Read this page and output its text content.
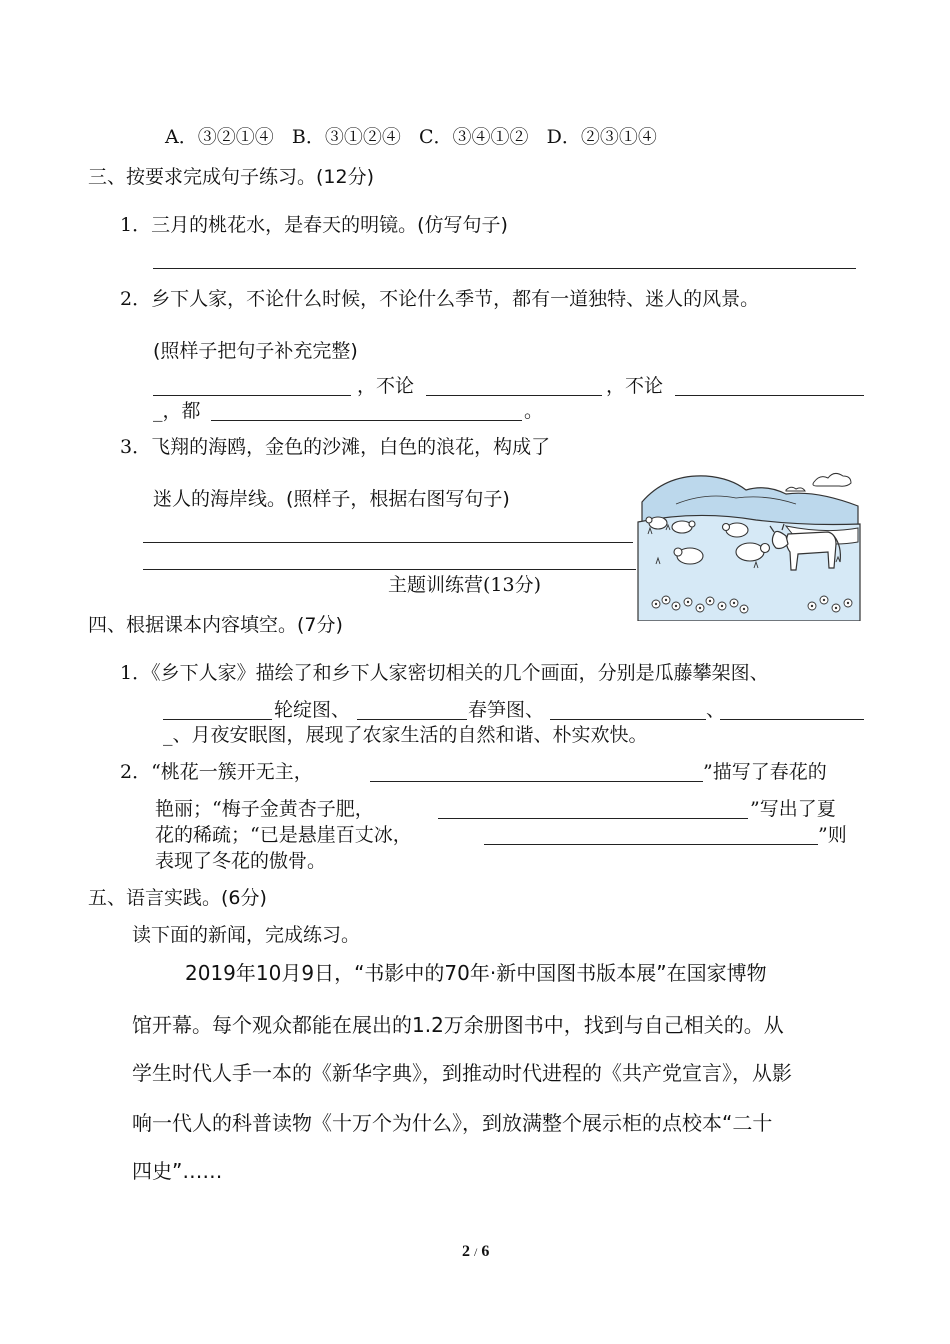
A．③②①④ B．③①②④ C．③④①② D．②③①④
三、按要求完成句子练习。(12分)
1．三月的桃花水，是春天的明镜。(仿写句子)
2．乡下人家，不论什么时候，不论什么季节，都有一道独特、迷人的风景。
(照样子把句子补充完整)
，不论	，不论
_，都	。
3．飞翔的海鸥，金色的沙滩，白色的浪花，构成了
迷人的海岸线。(照样子，根据右图写句子)
主题训练营(13分)
四、根据课本内容填空。(7分)
1．《乡下人家》描绘了和乡下人家密切相关的几个画面，分别是瓜藤攀架图、
轮绽图、	春笋图、	、
_、月夜安眠图，展现了农家生活的自然和谐、朴实欢快。
2．“桃花一簇开无主，	”描写了春花的
艳丽；“梅子金黄杏子肥，	”写出了夏
花的稀疏；“已是悬崖百丈冰，	”则
表现了冬花的傲骨。
五、语言实践。(6分)
读下面的新闻，完成练习。
2019年10月9日，“书影中的70年·新中国图书版本展”在国家博物
馆开幕。每个观众都能在展出的1.2万余册图书中，找到与自己相关的。从
学生时代人手一本的《新华字典》，到推动时代进程的《共产党宣言》，从影
响一代人的科普读物《十万个为什么》，到放满整个展示柜的点校本“二十
四史”……
2 / 6
